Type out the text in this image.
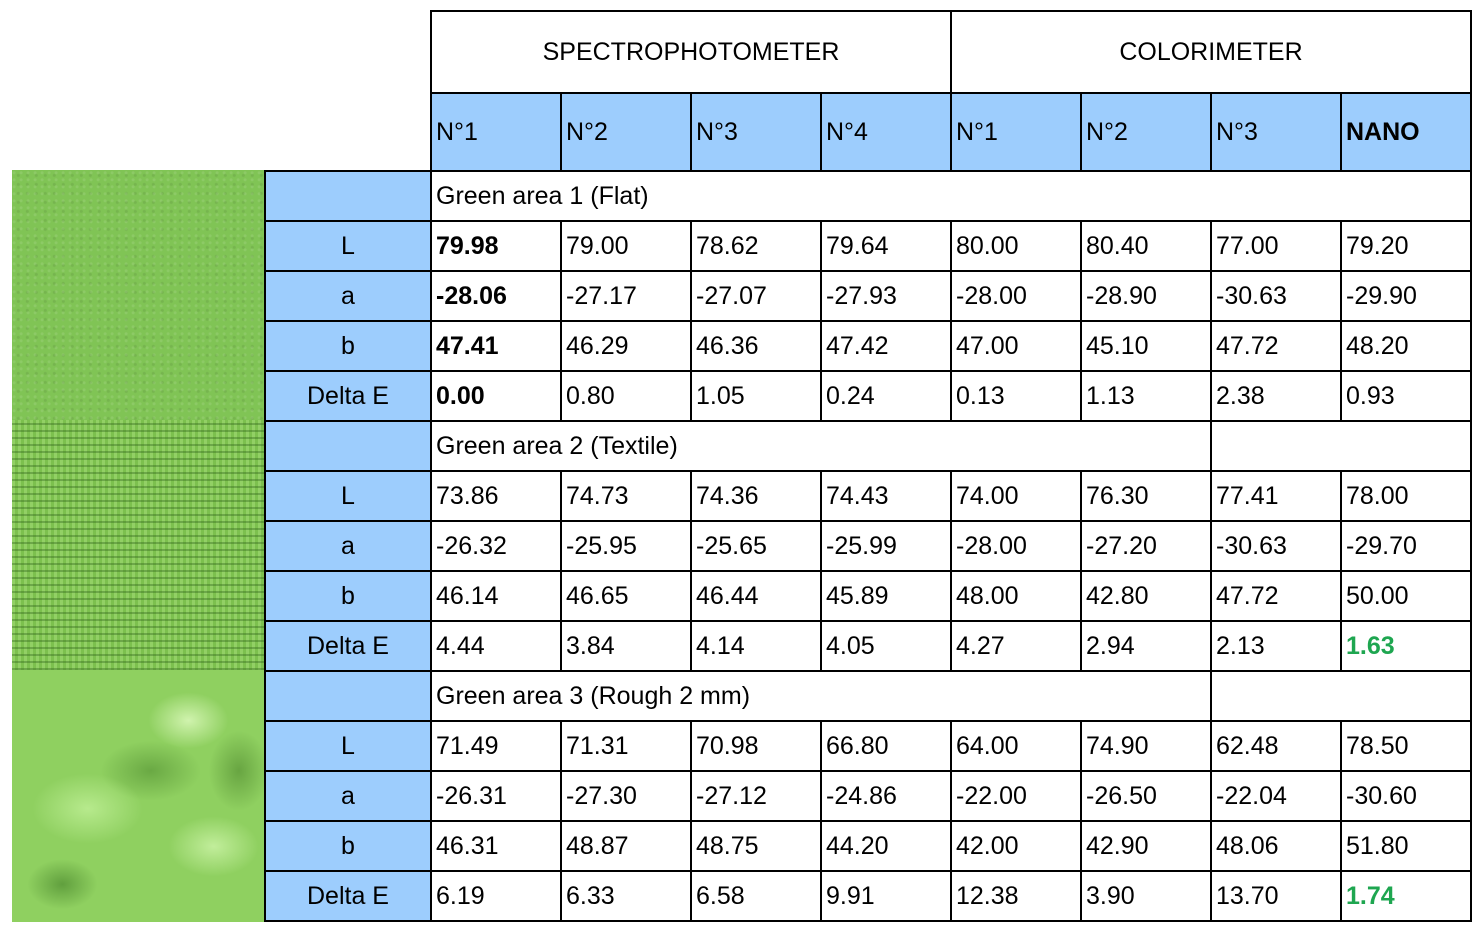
	SPECTROPHOTOMETER				COLORIMETER			
	N°1	N°2	N°3	N°4	N°1	N°2	N°3	NANO
	Green area 1 (Flat)							
L	79.98	79.00	78.62	79.64	80.00	80.40	77.00	79.20
a	-28.06	-27.17	-27.07	-27.93	-28.00	-28.90	-30.63	-29.90
b	47.41	46.29	46.36	47.42	47.00	45.10	47.72	48.20
Delta E	0.00	0.80	1.05	0.24	0.13	1.13	2.38	0.93
	Green area 2 (Textile)							
L	73.86	74.73	74.36	74.43	74.00	76.30	77.41	78.00
a	-26.32	-25.95	-25.65	-25.99	-28.00	-27.20	-30.63	-29.70
b	46.14	46.65	46.44	45.89	48.00	42.80	47.72	50.00
Delta E	4.44	3.84	4.14	4.05	4.27	2.94	2.13	1.63
	Green area 3 (Rough 2 mm)							
L	71.49	71.31	70.98	66.80	64.00	74.90	62.48	78.50
a	-26.31	-27.30	-27.12	-24.86	-22.00	-26.50	-22.04	-30.60
b	46.31	48.87	48.75	44.20	42.00	42.90	48.06	51.80
Delta E	6.19	6.33	6.58	9.91	12.38	3.90	13.70	1.74
